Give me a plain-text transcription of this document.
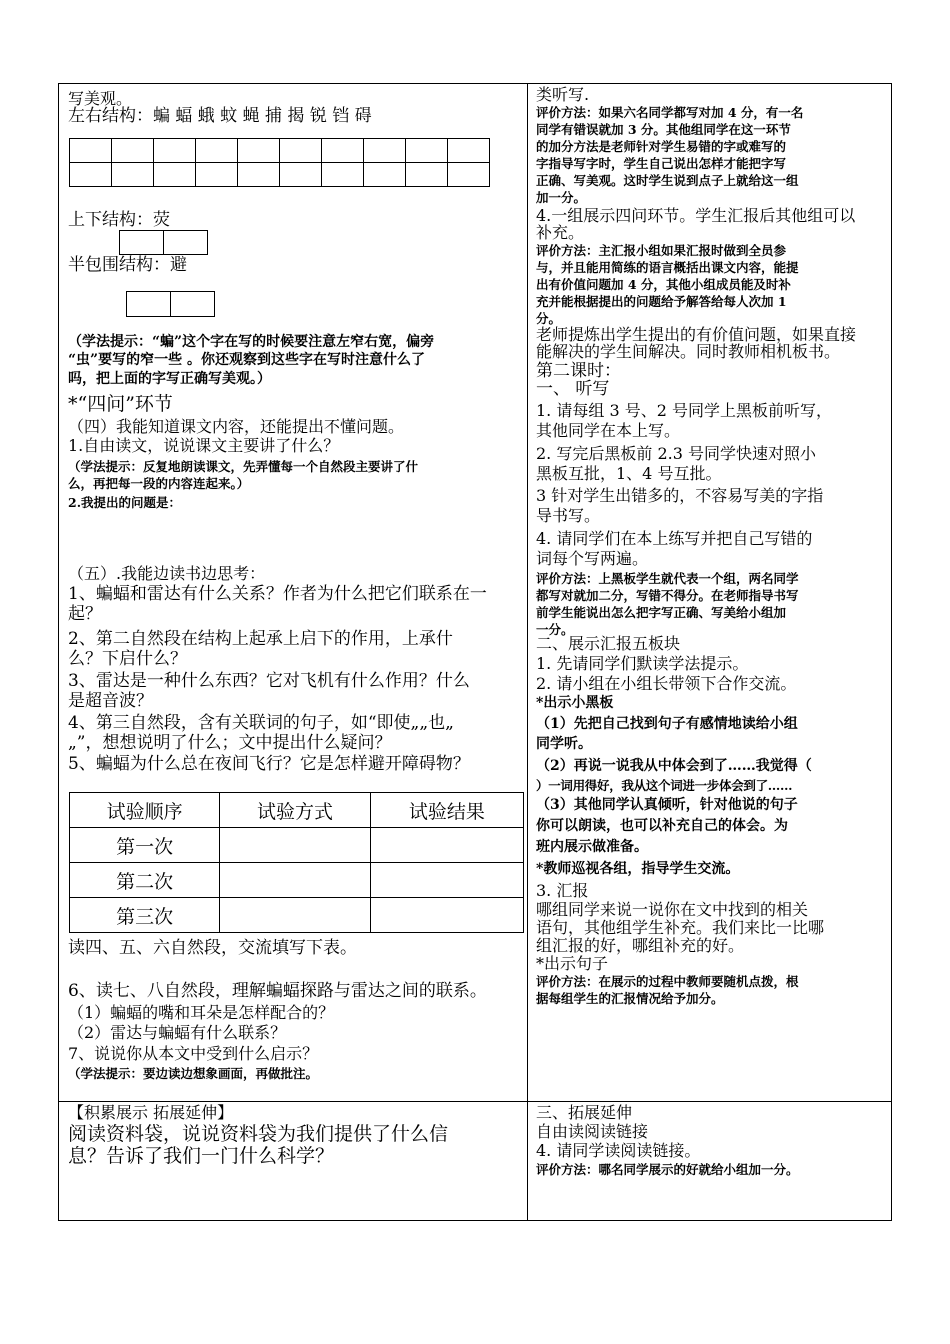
写美观。
左右结构：蝙 蝠 蛾 蚊 蝇 捕 揭 锐 铛 碍

上下结构：荧

半包围结构：避

（学法提示：“蝙”这个字在写的时候要注意左窄右宽，偏旁
“虫”要写的窄一些 。你还观察到这些字在写时注意什么了
吗，把上面的字写正确写美观。）
*“四问”环节
（四）我能知道课文内容，还能提出不懂问题。
1.自由读文，说说课文主要讲了什么？
（学法提示：反复地朗读课文，先弄懂每一个自然段主要讲了什
么，再把每一段的内容连起来。）
2.我提出的问题是：
（五）.我能边读书边思考：
1、蝙蝠和雷达有什么关系？作者为什么把它们联系在一
起？
2、第二自然段在结构上起承上启下的作用，上承什
么？下启什么？
3、雷达是一种什么东西？它对飞机有什么作用？什么
是超音波？
4、第三自然段，含有关联词的句子，如“即使„„也„
„”，想想说明了什么；文中提出什么疑问？
5、蝙蝠为什么总在夜间飞行？它是怎样避开障碍物？
读四、五、六自然段，交流填写下表。
6、读七、八自然段，理解蝙蝠探路与雷达之间的联系。
（1）蝙蝠的嘴和耳朵是怎样配合的？
（2）雷达与蝙蝠有什么联系？
7、说说你从本文中受到什么启示？
（学法提示：要边读边想象画面，再做批注。
试验顺序	试验方式	试验结果
第一次		
第二次		
第三次		
类听写.
评价方法：如果六名同学都写对加 4 分，有一名
同学有错误就加 3 分。其他组同学在这一环节
的加分方法是老师针对学生易错的字或难写的
字指导写字时，学生自己说出怎样才能把字写
正确、写美观。这时学生说到点子上就给这一组
加一分。
4.一组展示四问环节。学生汇报后其他组可以
补充。
评价方法：主汇报小组如果汇报时做到全员参
与，并且能用简练的语言概括出课文内容，能提
出有价值问题加 4 分，其他小组成员能及时补
充并能根据提出的问题给予解答给每人次加 1
分。
老师提炼出学生提出的有价值问题，如果直接
能解决的学生间解决。同时教师相机板书。
第二课时：
一、 听写
1. 请每组 3 号、2 号同学上黑板前听写，
其他同学在本上写。
2. 写完后黑板前 2.3 号同学快速对照小
黑板互批，1、4 号互批。
3 针对学生出错多的，不容易写美的字指
导书写。
4. 请同学们在本上练写并把自己写错的
词每个写两遍。
评价方法：上黑板学生就代表一个组，两名同学
都写对就加二分，写错不得分。在老师指导书写
前学生能说出怎么把字写正确、写美给小组加
一分。
二、展示汇报五板块
1. 先请同学们默读学法提示。
2. 请小组在小组长带领下合作交流。
*出示小黑板
（1）先把自己找到句子有感情地读给小组
同学听。
（2）再说一说我从中体会到了……我觉得（
）一词用得好，我从这个词进一步体会到了……
（3）其他同学认真倾听，针对他说的句子
你可以朗读，也可以补充自己的体会。为
班内展示做准备。
*教师巡视各组，指导学生交流。
3. 汇报
哪组同学来说一说你在文中找到的相关
语句，其他组学生补充。我们来比一比哪
组汇报的好，哪组补充的好。
*出示句子
评价方法：在展示的过程中教师要随机点拨，根
据每组学生的汇报情况给予加分。
【积累展示 拓展延伸】
阅读资料袋，说说资料袋为我们提供了什么信
息？告诉了我们一门什么科学？
三、拓展延伸
自由读阅读链接
4. 请同学读阅读链接。
评价方法：哪名同学展示的好就给小组加一分。
